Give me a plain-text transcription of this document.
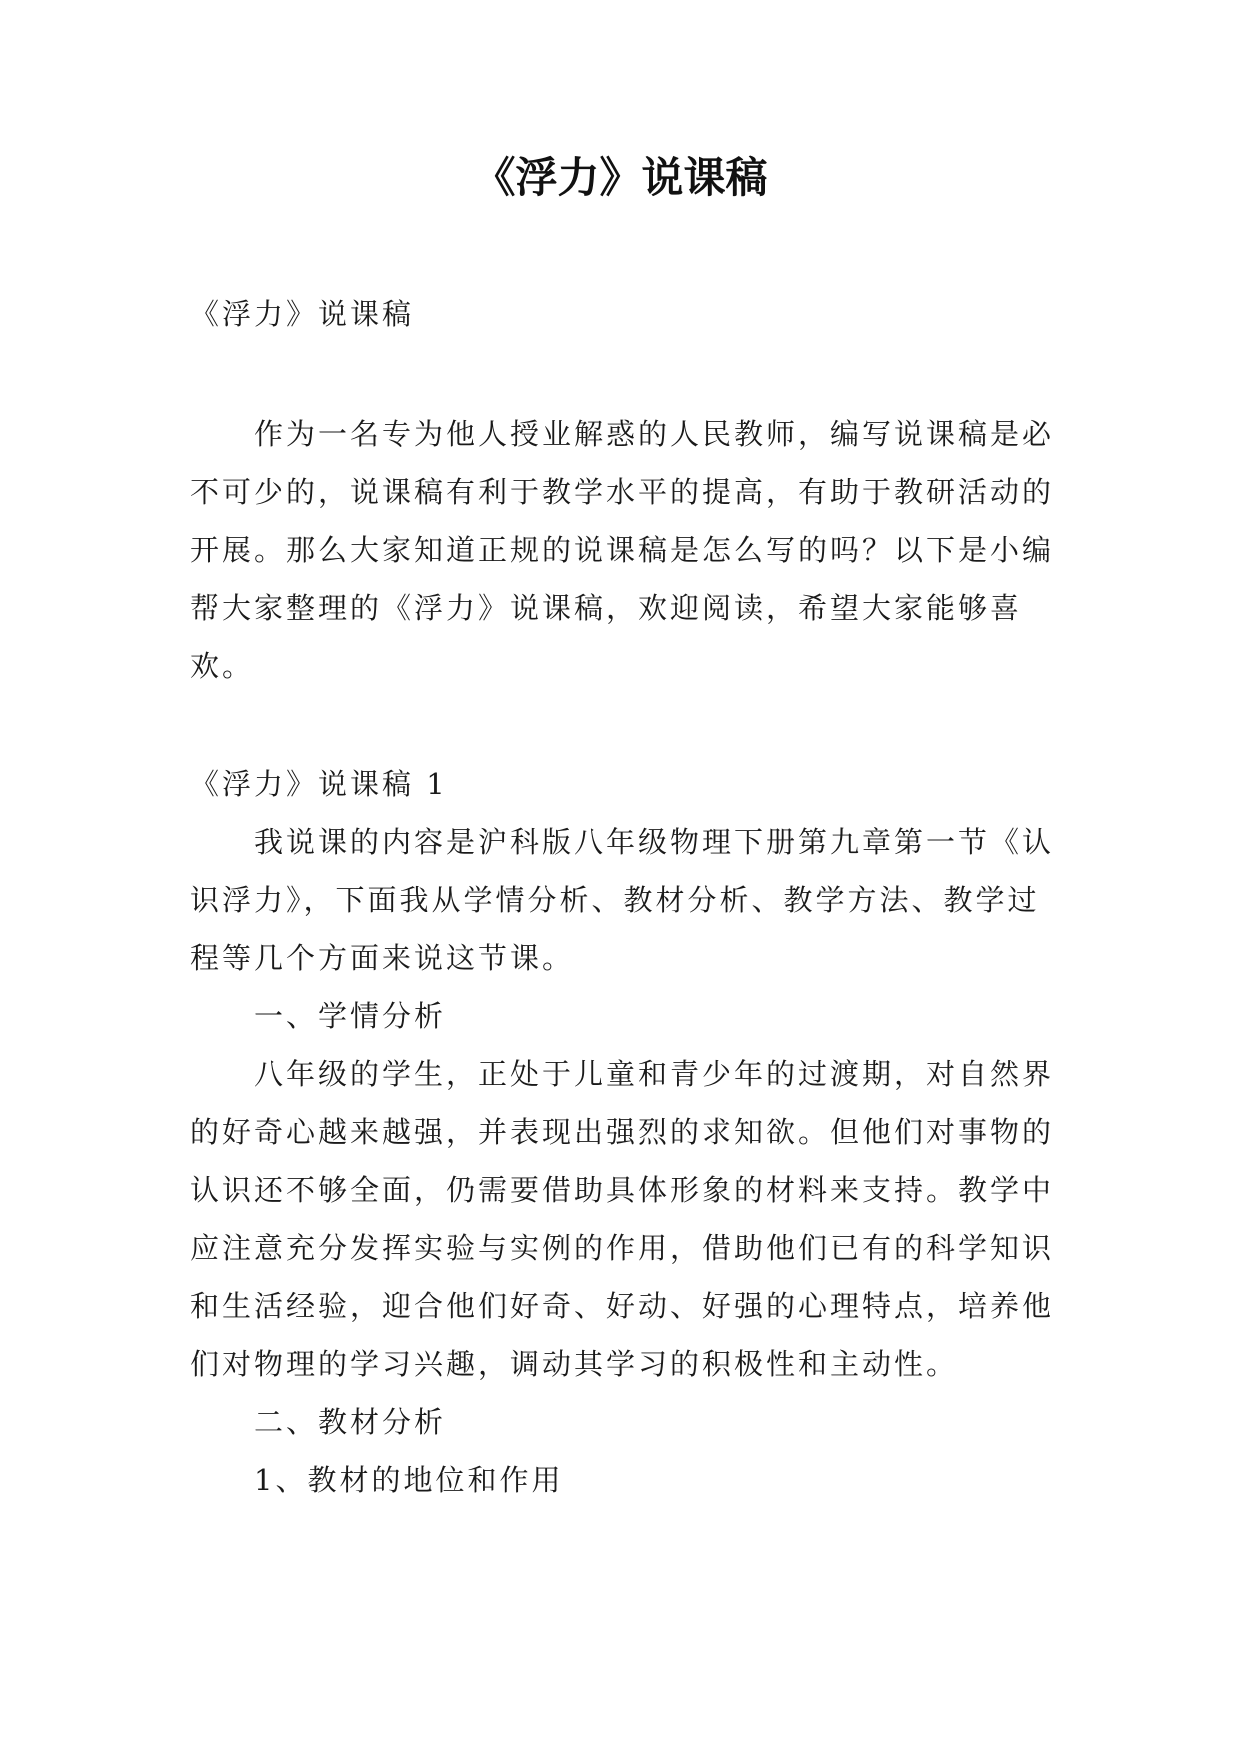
《浮力》说课稿

《浮力》说课稿

作为一名专为他人授业解惑的人民教师，编写说课稿是必不可少的，说课稿有利于教学水平的提高，有助于教研活动的开展。那么大家知道正规的说课稿是怎么写的吗？以下是小编帮大家整理的《浮力》说课稿，欢迎阅读，希望大家能够喜欢。

《浮力》说课稿 1

我说课的内容是沪科版八年级物理下册第九章第一节《认识浮力》，下面我从学情分析、教材分析、教学方法、教学过程等几个方面来说这节课。

一、学情分析

八年级的学生，正处于儿童和青少年的过渡期，对自然界的好奇心越来越强，并表现出强烈的求知欲。但他们对事物的认识还不够全面，仍需要借助具体形象的材料来支持。教学中应注意充分发挥实验与实例的作用，借助他们已有的科学知识和生活经验，迎合他们好奇、好动、好强的心理特点，培养他们对物理的学习兴趣，调动其学习的积极性和主动性。

二、教材分析

1、教材的地位和作用
